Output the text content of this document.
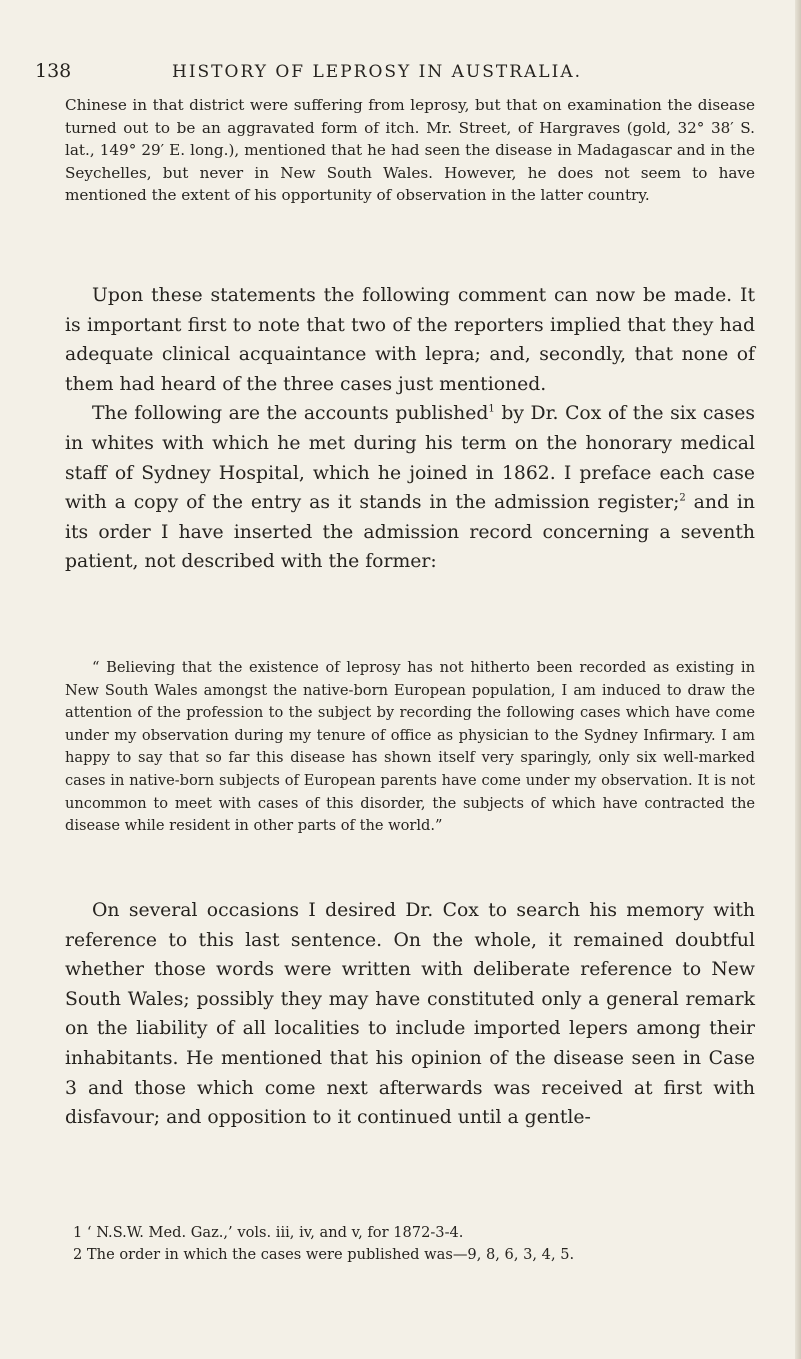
138	HISTORY OF LEPROSY IN AUSTRALIA.

Chinese in that district were suffering from leprosy, but that on examination the disease turned out to be an aggravated form of itch. Mr. Street, of Hargraves (gold, 32° 38′ S. lat., 149° 29′ E. long.), mentioned that he had seen the disease in Madagascar and in the Seychelles, but never in New South Wales. However, he does not seem to have mentioned the extent of his opportunity of observation in the latter country.

Upon these statements the following comment can now be made. It is important first to note that two of the reporters implied that they had adequate clinical acquaintance with lepra; and, secondly, that none of them had heard of the three cases just mentioned.

The following are the accounts published$^1$ by Dr. Cox of the six cases in whites with which he met during his term on the honorary medical staff of Sydney Hospital, which he joined in 1862. I preface each case with a copy of the entry as it stands in the admission register;$^2$ and in its order I have inserted the admission record concerning a seventh patient, not described with the former:

“ Believing that the existence of leprosy has not hitherto been recorded as existing in New South Wales amongst the native-born European population, I am induced to draw the attention of the profession to the subject by recording the following cases which have come under my observation during my tenure of office as physician to the Sydney Infirmary. I am happy to say that so far this disease has shown itself very sparingly, only six well-marked cases in native-born subjects of European parents have come under my observation. It is not uncommon to meet with cases of this disorder, the subjects of which have contracted the disease while resident in other parts of the world.”

On several occasions I desired Dr. Cox to search his memory with reference to this last sentence. On the whole, it remained doubtful whether those words were written with deliberate reference to New South Wales; possibly they may have constituted only a general remark on the liability of all localities to include imported lepers among their inhabitants. He mentioned that his opinion of the disease seen in Case 3 and those which come next afterwards was received at first with disfavour; and opposition to it continued until a gentle-

1 ‘ N.S.W. Med. Gaz.,’ vols. iii, iv, and v, for 1872-3-4.
2 The order in which the cases were published was—9, 8, 6, 3, 4, 5.
